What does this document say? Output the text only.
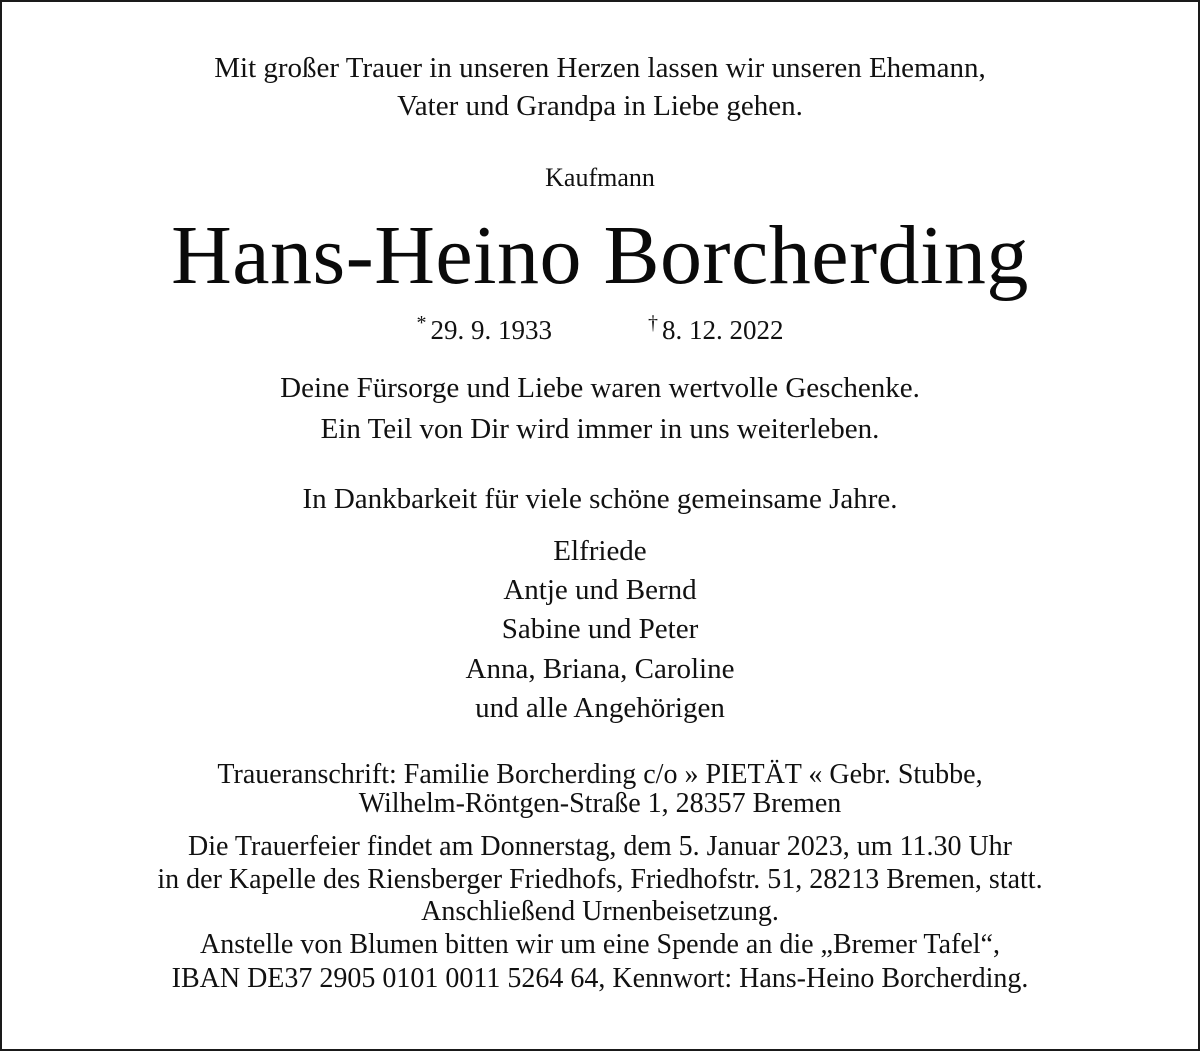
Mit großer Trauer in unseren Herzen lassen wir unseren Ehemann,
Vater und Grandpa in Liebe gehen.
Kaufmann
Hans-Heino Borcherding
* 29. 9. 1933	† 8. 12. 2022
Deine Fürsorge und Liebe waren wertvolle Geschenke.
Ein Teil von Dir wird immer in uns weiterleben.
In Dankbarkeit für viele schöne gemeinsame Jahre.
Elfriede
Antje und Bernd
Sabine und Peter
Anna, Briana, Caroline
und alle Angehörigen
Traueranschrift: Familie Borcherding c/o » PIETÄT « Gebr. Stubbe,
Wilhelm-Röntgen-Straße 1, 28357 Bremen
Die Trauerfeier findet am Donnerstag, dem 5. Januar 2023, um 11.30 Uhr
in der Kapelle des Riensberger Friedhofs, Friedhofstr. 51, 28213 Bremen, statt.
Anschließend Urnenbeisetzung.
Anstelle von Blumen bitten wir um eine Spende an die „Bremer Tafel“,
IBAN DE37 2905 0101 0011 5264 64, Kennwort: Hans-Heino Borcherding.
